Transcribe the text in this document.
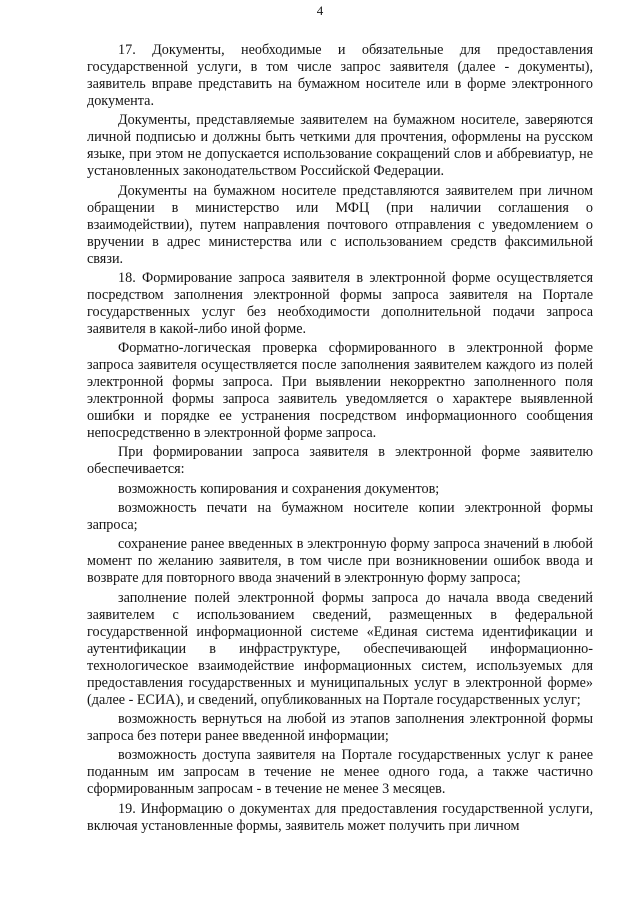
4

17. Документы, необходимые и обязательные для предоставления государственной услуги, в том числе запрос заявителя (далее - документы), заявитель вправе представить на бумажном носителе или в форме электронного документа.

Документы, представляемые заявителем на бумажном носителе, заверяются личной подписью и должны быть четкими для прочтения, оформлены на русском языке, при этом не допускается использование сокращений слов и аббревиатур, не установленных законодательством Российской Федерации.

Документы на бумажном носителе представляются заявителем при личном обращении в министерство или МФЦ (при наличии соглашения о взаимодействии), путем направления почтового отправления с уведомлением о вручении в адрес министерства или с использованием средств факсимильной связи.

18. Формирование запроса заявителя в электронной форме осуществляется посредством заполнения электронной формы запроса заявителя на Портале государственных услуг без необходимости дополнительной подачи запроса заявителя в какой-либо иной форме.

Форматно-логическая проверка сформированного в электронной форме запроса заявителя осуществляется после заполнения заявителем каждого из полей электронной формы запроса. При выявлении некорректно заполненного поля электронной формы запроса заявитель уведомляется о характере выявленной ошибки и порядке ее устранения посредством информационного сообщения непосредственно в электронной форме запроса.

При формировании запроса заявителя в электронной форме заявителю обеспечивается:

возможность копирования и сохранения документов;

возможность печати на бумажном носителе копии электронной формы запроса;

сохранение ранее введенных в электронную форму запроса значений в любой момент по желанию заявителя, в том числе при возникновении ошибок ввода и возврате для повторного ввода значений в электронную форму запроса;

заполнение полей электронной формы запроса до начала ввода сведений заявителем с использованием сведений, размещенных в федеральной государственной информационной системе «Единая система идентификации и аутентификации в инфраструктуре, обеспечивающей информационно-технологическое взаимодействие информационных систем, используемых для предоставления государственных и муниципальных услуг в электронной форме» (далее - ЕСИА), и сведений, опубликованных на Портале государственных услуг;

возможность вернуться на любой из этапов заполнения электронной формы запроса без потери ранее введенной информации;

возможность доступа заявителя на Портале государственных услуг к ранее поданным им запросам в течение не менее одного года, а также частично сформированным запросам - в течение не менее 3 месяцев.

19. Информацию о документах для предоставления государственной услуги, включая установленные формы, заявитель может получить при личном
